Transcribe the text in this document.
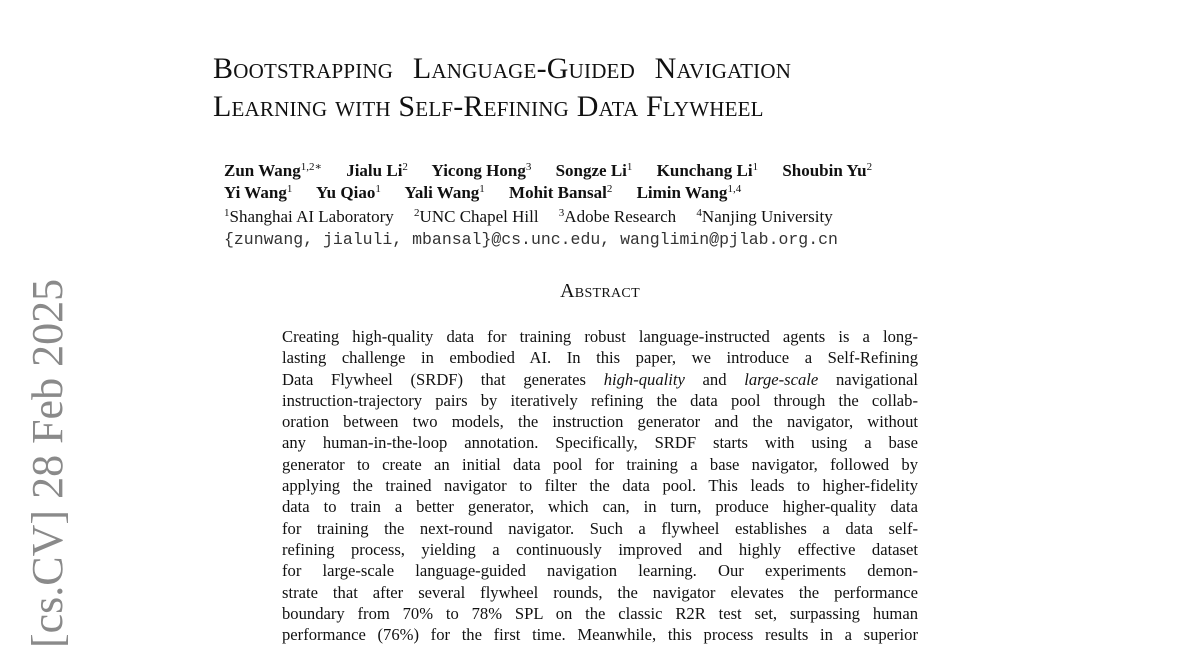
[cs.CV] 28 Feb 2025
Bootstrapping Language-Guided Navigation
Learning with Self-Refining Data Flywheel
Zun Wang$^{1,2∗}$ Jialu Li$^2$ Yicong Hong$^3$ Songze Li$^1$ Kunchang Li$^1$ Shoubin Yu$^2$
Yi Wang$^1$ Yu Qiao$^1$ Yali Wang$^1$ Mohit Bansal$^2$ Limin Wang$^{1,4}$
$^1$Shanghai AI Laboratory $^2$UNC Chapel Hill $^3$Adobe Research $^4$Nanjing University
{zunwang, jialuli, mbansal}@cs.unc.edu, wanglimin@pjlab.org.cn
Abstract
Creating high-quality data for training robust language-instructed agents is a long-
lasting challenge in embodied AI. In this paper, we introduce a Self-Refining
Data Flywheel (SRDF) that generates high-quality and large-scale navigational
instruction-trajectory pairs by iteratively refining the data pool through the collab-
oration between two models, the instruction generator and the navigator, without
any human-in-the-loop annotation. Specifically, SRDF starts with using a base
generator to create an initial data pool for training a base navigator, followed by
applying the trained navigator to filter the data pool. This leads to higher-fidelity
data to train a better generator, which can, in turn, produce higher-quality data
for training the next-round navigator. Such a flywheel establishes a data self-
refining process, yielding a continuously improved and highly effective dataset
for large-scale language-guided navigation learning. Our experiments demon-
strate that after several flywheel rounds, the navigator elevates the performance
boundary from 70% to 78% SPL on the classic R2R test set, surpassing human
performance (76%) for the first time. Meanwhile, this process results in a superior
